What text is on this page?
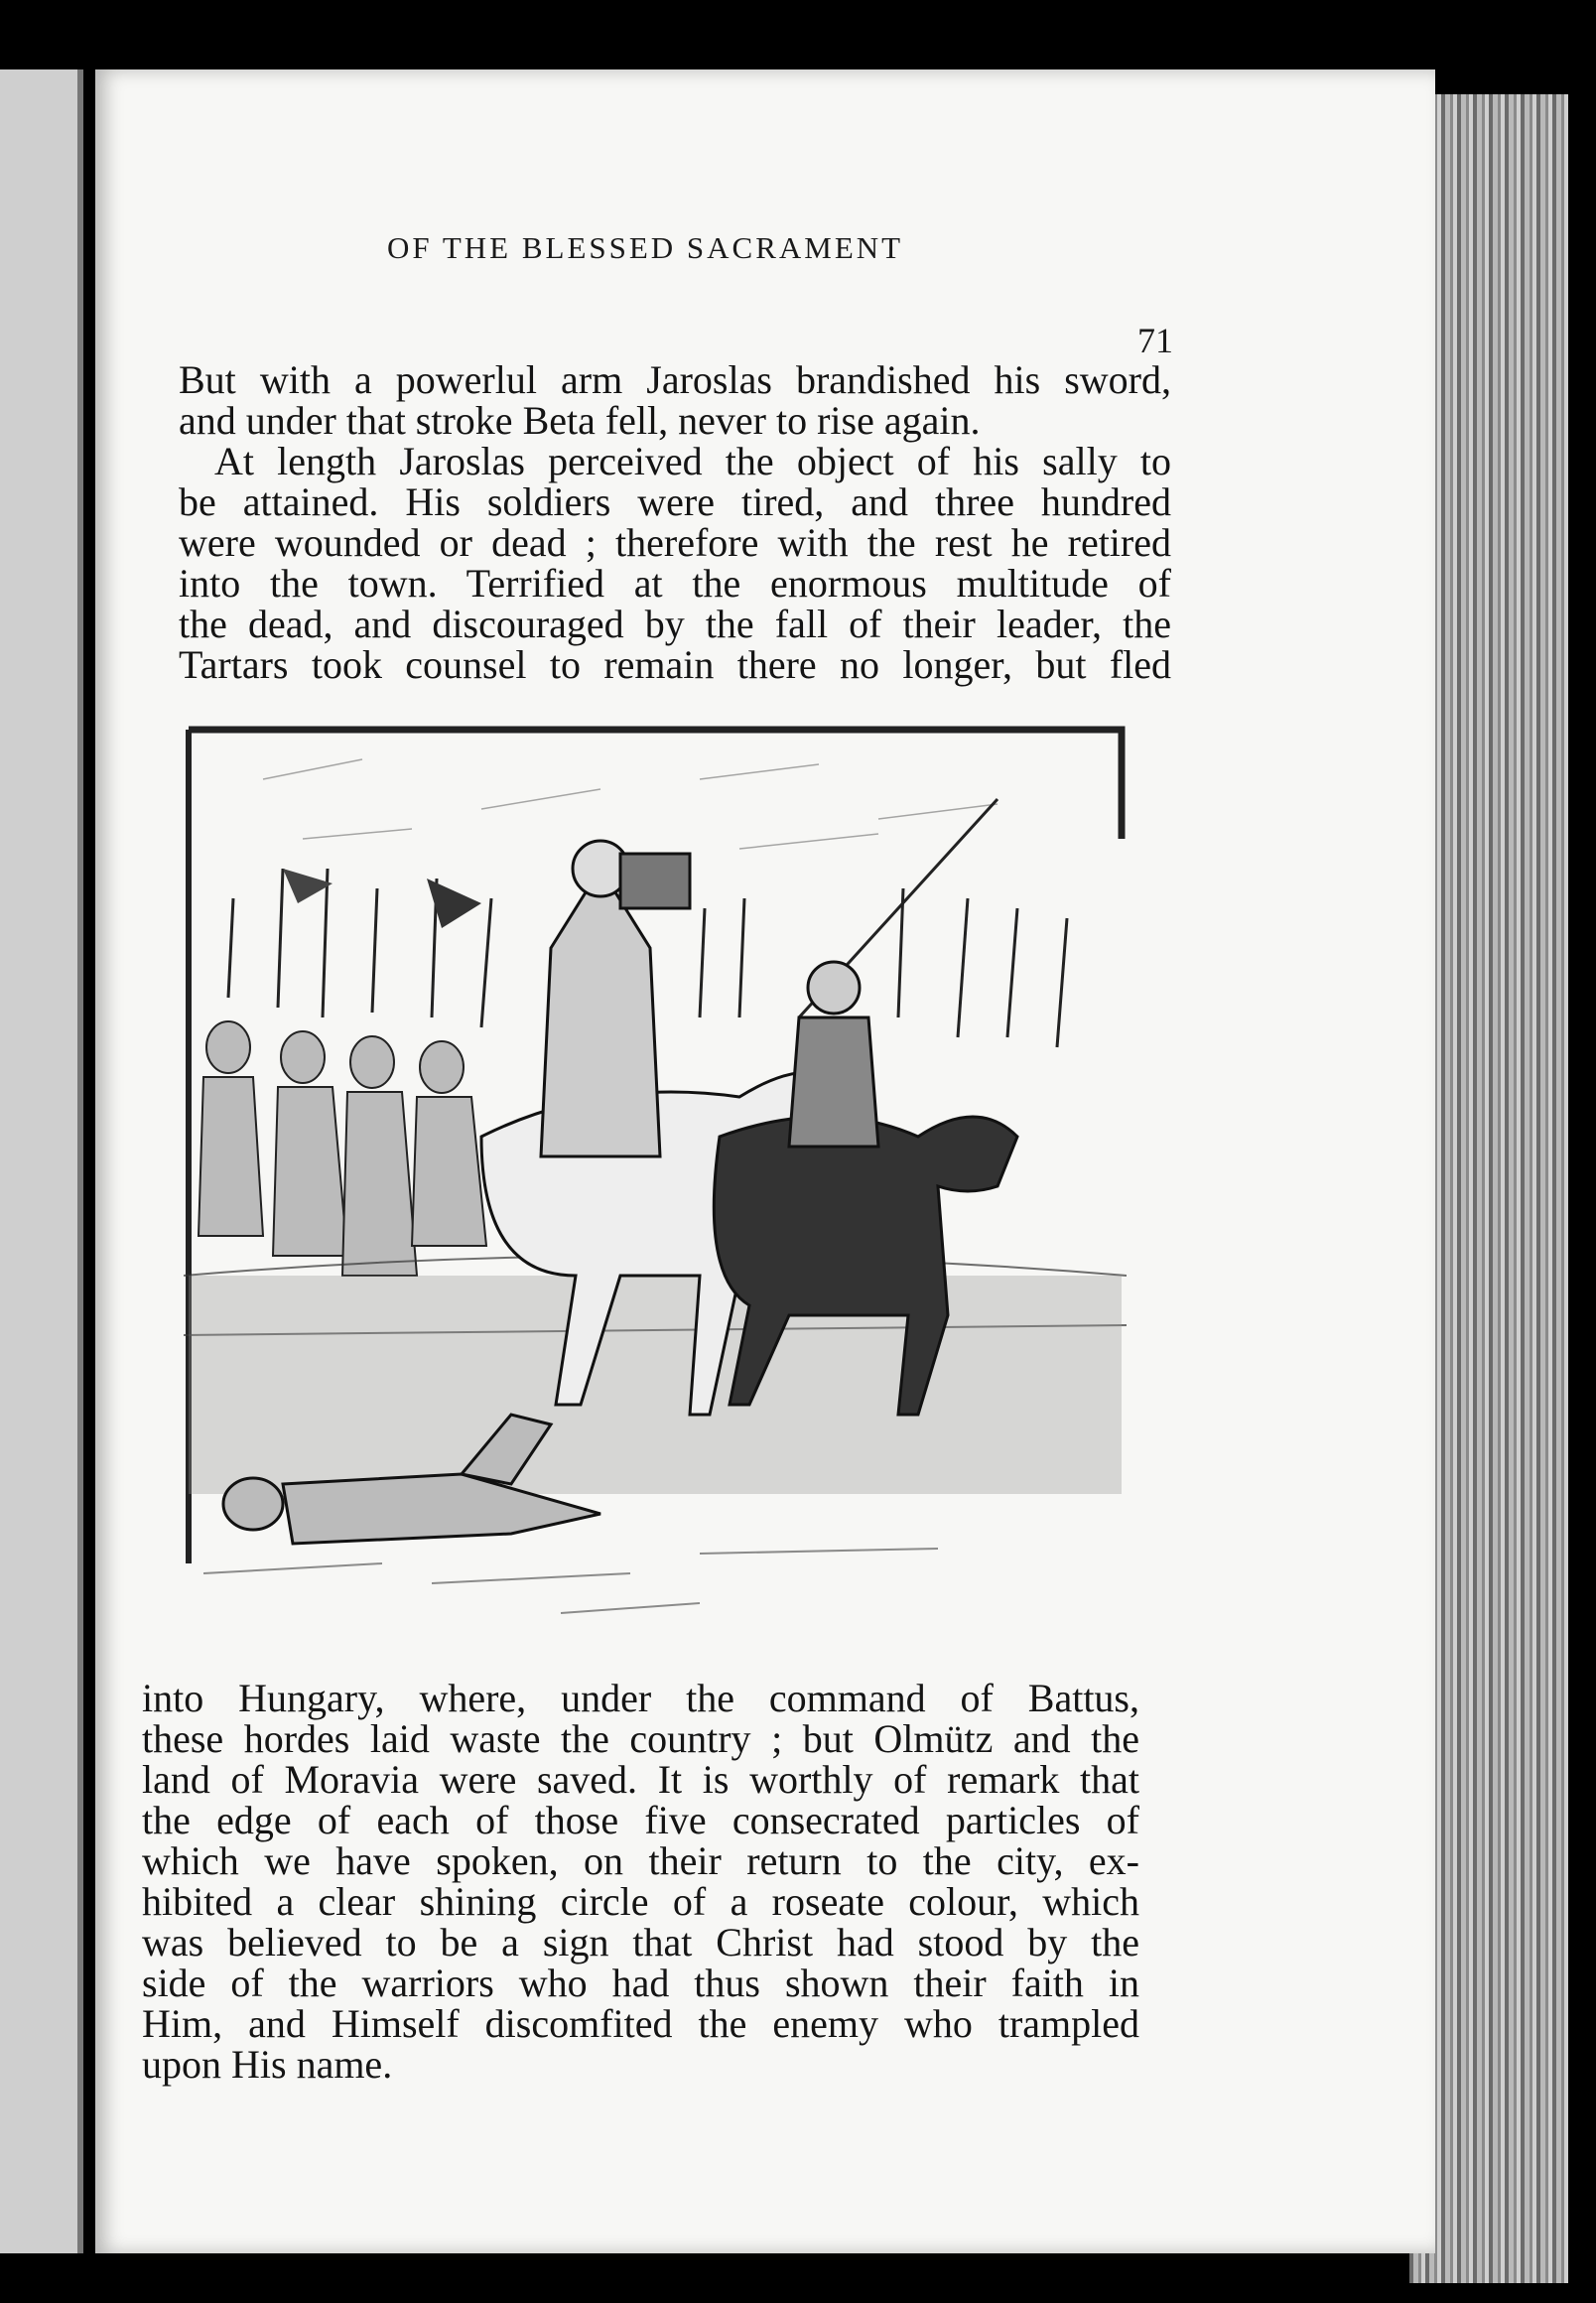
OF THE BLESSED SACRAMENT
71
But with a powerlul arm Jaroslas brandished his sword,
and under that stroke Beta fell, never to rise again.
At length Jaroslas perceived the object of his sally to
be attained. His soldiers were tired, and three hundred
were wounded or dead ; therefore with the rest he retired
into the town. Terrified at the enormous multitude of
the dead, and discouraged by the fall of their leader, the
Tartars took counsel to remain there no longer, but fled
into Hungary, where, under the command of Battus,
these hordes laid waste the country ; but Olmütz and the
land of Moravia were saved. It is worthly of remark that
the edge of each of those five consecrated particles of
which we have spoken, on their return to the city, ex-
hibited a clear shining circle of a roseate colour, which
was believed to be a sign that Christ had stood by the
side of the warriors who had thus shown their faith in
Him, and Himself discomfited the enemy who trampled
upon His name.
